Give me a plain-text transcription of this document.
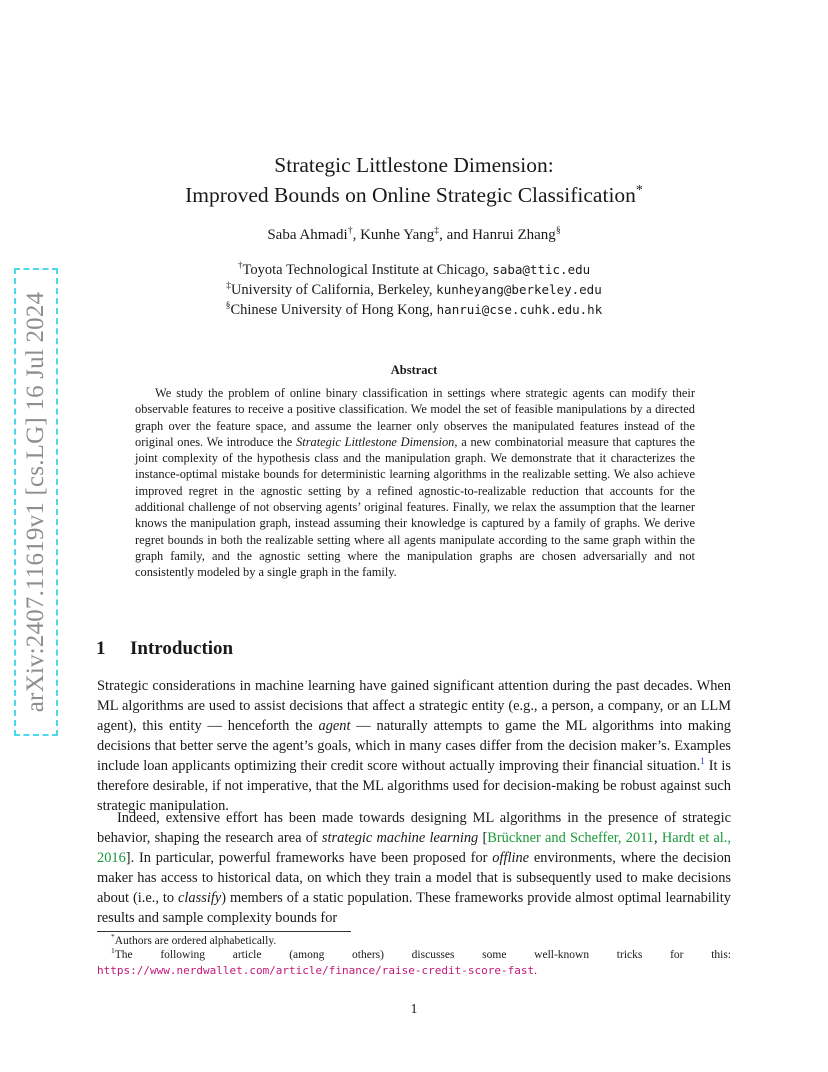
arXiv:2407.11619v1 [cs.LG] 16 Jul 2024
Strategic Littlestone Dimension:
Improved Bounds on Online Strategic Classification*
Saba Ahmadi†, Kunhe Yang‡, and Hanrui Zhang§
†Toyota Technological Institute at Chicago, saba@ttic.edu
‡University of California, Berkeley, kunheyang@berkeley.edu
§Chinese University of Hong Kong, hanrui@cse.cuhk.edu.hk
Abstract

We study the problem of online binary classification in settings where strategic agents can modify their observable features to receive a positive classification. We model the set of feasible manipulations by a directed graph over the feature space, and assume the learner only observes the manipulated features instead of the original ones. We introduce the Strategic Littlestone Dimension, a new combinatorial measure that captures the joint complexity of the hypothesis class and the manipulation graph. We demonstrate that it characterizes the instance-optimal mistake bounds for deterministic learning algorithms in the realizable setting. We also achieve improved regret in the agnostic setting by a refined agnostic-to-realizable reduction that accounts for the additional challenge of not observing agents’ original features. Finally, we relax the assumption that the learner knows the manipulation graph, instead assuming their knowledge is captured by a family of graphs. We derive regret bounds in both the realizable setting where all agents manipulate according to the same graph within the graph family, and the agnostic setting where the manipulation graphs are chosen adversarially and not consistently modeled by a single graph in the family.

1 Introduction

Strategic considerations in machine learning have gained significant attention during the past decades. When ML algorithms are used to assist decisions that affect a strategic entity (e.g., a person, a company, or an LLM agent), this entity — henceforth the agent — naturally attempts to game the ML algorithms into making decisions that better serve the agent’s goals, which in many cases differ from the decision maker’s. Examples include loan applicants optimizing their credit score without actually improving their financial situation.$^1$ It is therefore desirable, if not imperative, that the ML algorithms used for decision-making be robust against such strategic manipulation.

Indeed, extensive effort has been made towards designing ML algorithms in the presence of strategic behavior, shaping the research area of strategic machine learning [Brückner and Scheffer, 2011, Hardt et al., 2016]. In particular, powerful frameworks have been proposed for offline environments, where the decision maker has access to historical data, on which they train a model that is subsequently used to make decisions about (i.e., to classify) members of a static population. These frameworks provide almost optimal learnability results and sample complexity bounds for

*Authors are ordered alphabetically.

$^1$The following article (among others) discusses some well-known tricks for this:

https://www.nerdwallet.com/article/finance/raise-credit-score-fast.

1
